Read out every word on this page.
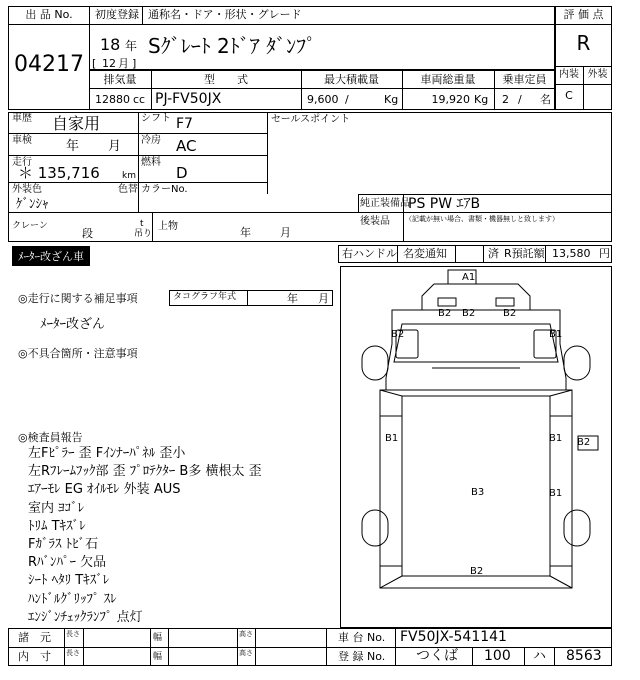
出 品 No.
04217
初度登録 通称名・ドア・形状・グレード
18 年
[ 12 月 ]
Sｸﾞﾚｰﾄ 2ﾄﾞｱ ﾀﾞﾝﾌﾟ
評 価 点
R
内装 外装
C
排気量	型　　式	最大積載量	車両総重量	乗車定員
12880 cc PJ-FV50JX	9,600 /	Kg	19,920 Kg 2 / 名
車歴 自家用	シフト F7
車検	年 月 冷房 AC
走行
＊ 135,716 km
燃料
D
外装色
ｹﾞﾝｼｬ
色替 カラーNo.
セールスポイント
純正装備品
PS PW ｴｱB
後装品 （記載が無い場合、書類・機器無しと致します）
クレーン
段
t
吊り
上物	年	月
ﾒｰﾀｰ改ざん車	右ハンドル 名変通知	済 R預託額 13,580 円
◎走行に関する補足事項	タコグラフ年式	年 月
ﾒｰﾀｰ改ざん
◎不具合箇所・注意事項
◎検査員報告
左Fﾋﾟﾗｰ 歪 Fｲﾝﾅｰﾊﾟﾈﾙ 歪小
左Rﾌﾚｰﾑﾌｯｸ部 歪 ﾌﾟﾛﾃｸﾀｰ B多 横根太 歪
ｴｱｰﾓﾚ EG ｵｲﾙﾓﾚ 外装 AUS
室内 ﾖｺﾞﾚ
ﾄﾘﾑ Tｷｽﾞﾚ
Fｶﾞﾗｽ ﾄﾋﾞ石
Rﾊﾞﾝﾊﾟｰ 欠品
ｼｰﾄ ﾍﾀﾘ Tｷｽﾞﾚ
ﾊﾝﾄﾞﾙｸﾞﾘｯﾌﾟ ｽﾚ
ｴﾝｼﾞﾝﾁｪｯｸﾗﾝﾌﾟ 点灯
A1
B2 B2	B2
B2	B1
B1	B1 B2
B3	B1
B2
諸　元
内　寸
長さ	幅	高さ
長さ	幅	高さ
車 台 No. FV50JX-541141
登 録 No. つくば 100 ハ 8563
